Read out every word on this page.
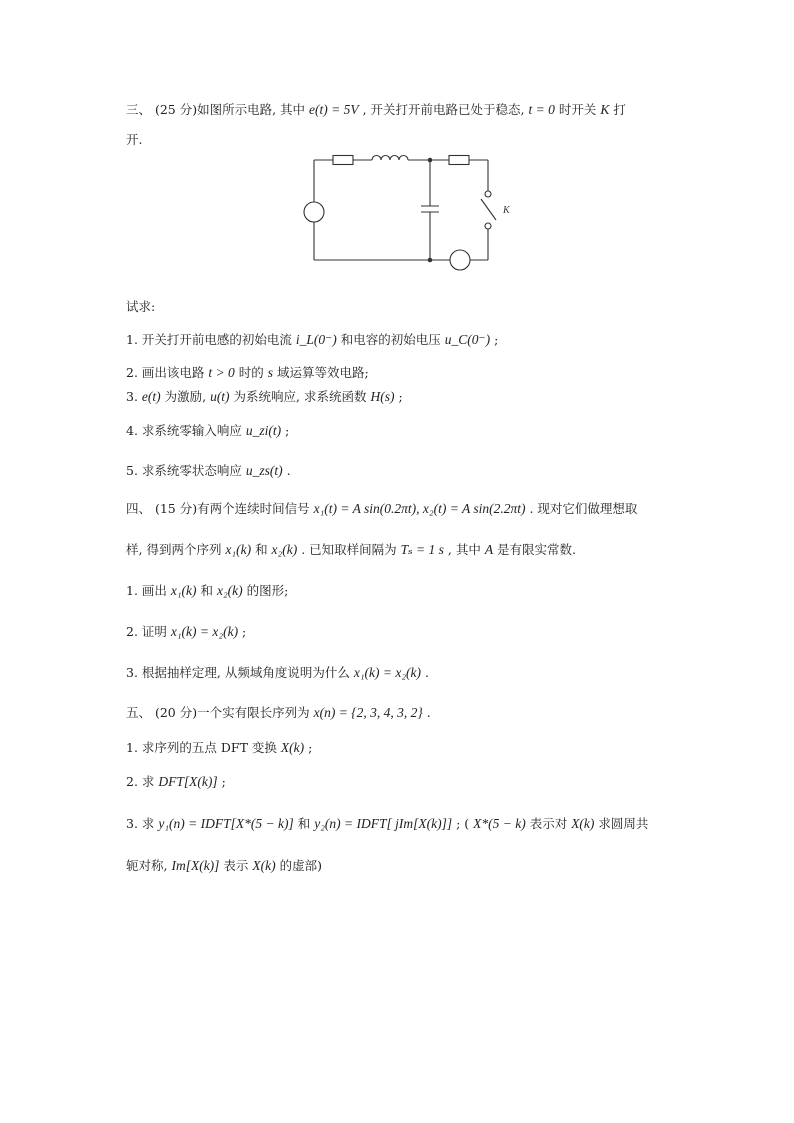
三、 (25 分)如图所示电路, 其中 e(t) = 5V , 开关打开前电路已处于稳态, t = 0 时开关 K 打
开.
K
试求:
1. 开关打开前电感的初始电流 i_L(0⁻) 和电容的初始电压 u_C(0⁻) ;
2. 画出该电路 t > 0 时的 s 域运算等效电路;
3. e(t) 为激励, u(t) 为系统响应, 求系统函数 H(s) ;
4. 求系统零输入响应 u_zi(t) ;
5. 求系统零状态响应 u_zs(t) .
四、 (15 分)有两个连续时间信号 x₁(t) = A sin(0.2πt), x₂(t) = A sin(2.2πt) . 现对它们做理想取
样, 得到两个序列 x₁(k) 和 x₂(k) . 已知取样间隔为 Tₛ = 1 s , 其中 A 是有限实常数.
1. 画出 x₁(k) 和 x₂(k) 的图形;
2. 证明 x₁(k) = x₂(k) ;
3. 根据抽样定理, 从频域角度说明为什么 x₁(k) = x₂(k) .
五、 (20 分)一个实有限长序列为 x(n) = {2, 3, 4, 3, 2} .
1. 求序列的五点 DFT 变换 X(k) ;
2. 求 DFT[X(k)] ;
3. 求 y₁(n) = IDFT[X*(5 − k)] 和 y₂(n) = IDFT[ jIm[X(k)]] ; ( X*(5 − k) 表示对 X(k) 求圆周共
轭对称, Im[X(k)] 表示 X(k) 的虚部)
